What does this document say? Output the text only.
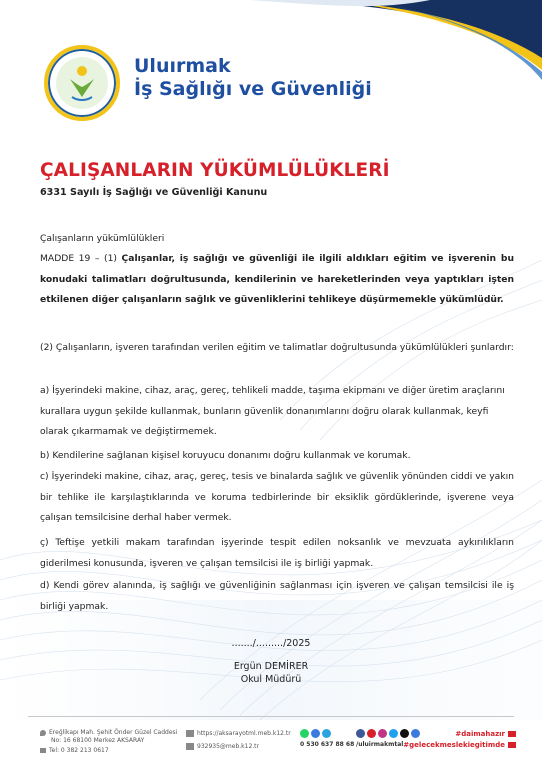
Uluırmak
İş Sağlığı ve Güvenliği
ÇALIŞANLARIN YÜKÜMLÜLÜKLERİ
6331 Sayılı İş Sağlığı ve Güvenliği Kanunu
Çalışanların yükümlülükleri
MADDE 19 – (1) Çalışanlar, iş sağlığı ve güvenliği ile ilgili aldıkları eğitim ve işverenin bu konudaki talimatları doğrultusunda, kendilerinin ve hareketlerinden veya yaptıkları işten etkilenen diğer çalışanların sağlık ve güvenliklerini tehlikeye düşürmemekle yükümlüdür.
(2) Çalışanların, işveren tarafından verilen eğitim ve talimatlar doğrultusunda yükümlülükleri şunlardır:
a) İşyerindeki makine, cihaz, araç, gereç, tehlikeli madde, taşıma ekipmanı ve diğer üretim araçlarını kurallara uygun şekilde kullanmak, bunların güvenlik donanımlarını doğru olarak kullanmak, keyfi olarak çıkarmamak ve değiştirmemek.
b) Kendilerine sağlanan kişisel koruyucu donanımı doğru kullanmak ve korumak.
c) İşyerindeki makine, cihaz, araç, gereç, tesis ve binalarda sağlık ve güvenlik yönünden ciddi ve yakın bir tehlike ile karşılaştıklarında ve koruma tedbirlerinde bir eksiklik gördüklerinde, işverene veya çalışan temsilcisine derhal haber vermek.
ç) Teftişe yetkili makam tarafından işyerinde tespit edilen noksanlık ve mevzuata aykırılıkların giderilmesi konusunda, işveren ve çalışan temsilcisi ile iş birliği yapmak.
d) Kendi görev alanında, iş sağlığı ve güvenliğinin sağlanması için işveren ve çalışan temsilcisi ile iş birliği yapmak.
......./........./2025
Ergün DEMİRER
Okul Müdürü
Ereğlikapı Mah. Şehit Önder Güzel Caddesi
No: 16 68100 Merkez AKSARAY
Tel: 0 382 213 0617
https://aksarayotml.meb.k12.tr
932935@meb.k12.tr	0 530 637 88 68 /uluirmakmtal
#daimahazır
#gelecekmeslekiegitimde
